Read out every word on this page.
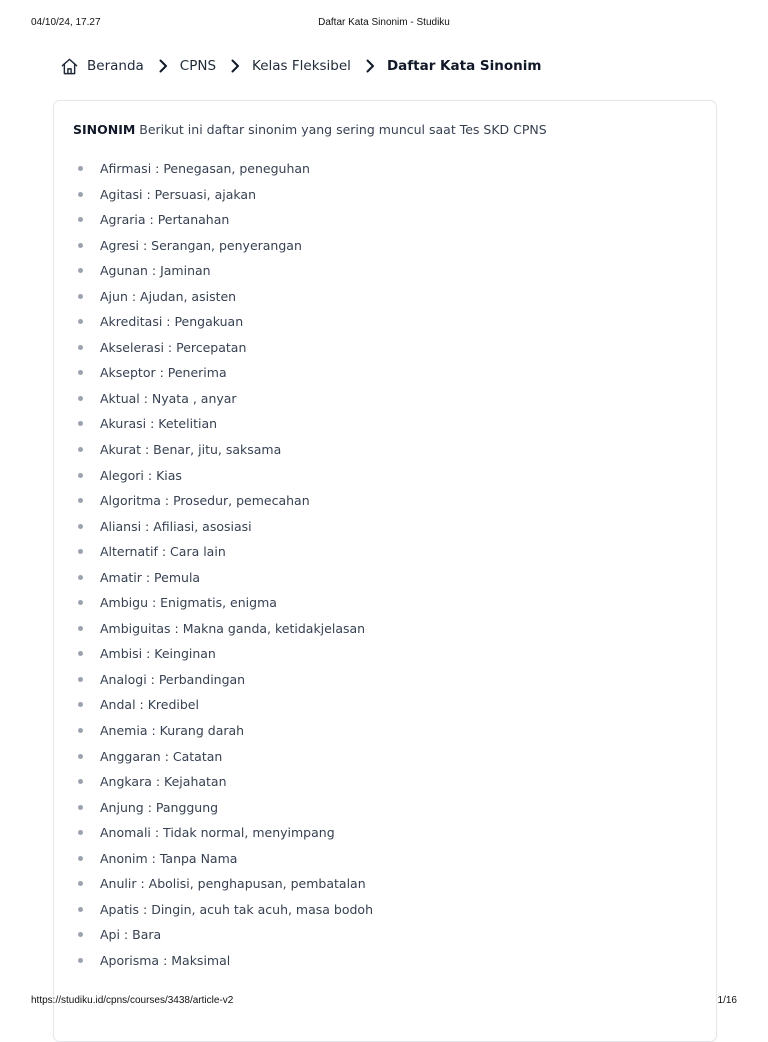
04/10/24, 17.27	Daftar Kata Sinonim - Studiku
Beranda	CPNS	Kelas Fleksibel	Daftar Kata Sinonim

SINONIM Berikut ini daftar sinonim yang sering muncul saat Tes SKD CPNS

Afirmasi : Penegasan, peneguhan
Agitasi : Persuasi, ajakan
Agraria : Pertanahan
Agresi : Serangan, penyerangan
Agunan : Jaminan
Ajun : Ajudan, asisten
Akreditasi : Pengakuan
Akselerasi : Percepatan
Akseptor : Penerima
Aktual : Nyata , anyar
Akurasi : Ketelitian
Akurat : Benar, jitu, saksama
Alegori : Kias
Algoritma : Prosedur, pemecahan
Aliansi : Afiliasi, asosiasi
Alternatif : Cara lain
Amatir : Pemula
Ambigu : Enigmatis, enigma
Ambiguitas : Makna ganda, ketidakjelasan
Ambisi : Keinginan
Analogi : Perbandingan
Andal : Kredibel
Anemia : Kurang darah
Anggaran : Catatan
Angkara : Kejahatan
Anjung : Panggung
Anomali : Tidak normal, menyimpang
Anonim : Tanpa Nama
Anulir : Abolisi, penghapusan, pembatalan
Apatis : Dingin, acuh tak acuh, masa bodoh
Api : Bara
Aporisma : Maksimal
https://studiku.id/cpns/courses/3438/article-v2	1/16
